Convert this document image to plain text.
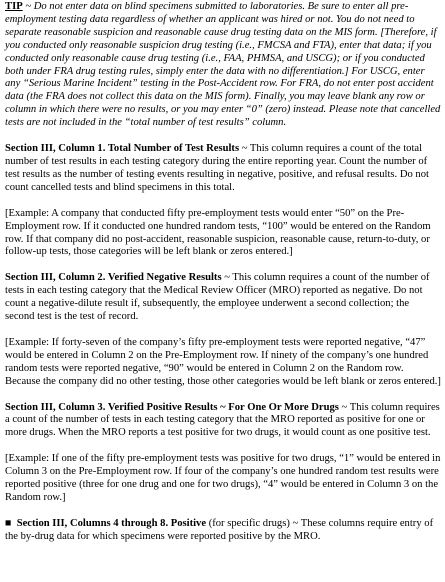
TIP ~ Do not enter data on blind specimens submitted to laboratories. Be sure to enter all pre-employment testing data regardless of whether an applicant was hired or not. You do not need to separate reasonable suspicion and reasonable cause drug testing data on the MIS form. [Therefore, if you conducted only reasonable suspicion drug testing (i.e., FMCSA and FTA), enter that data; if you conducted only reasonable cause drug testing (i.e., FAA, PHMSA, and USCG); or if you conducted both under FRA drug testing rules, simply enter the data with no differentiation.] For USCG, enter any “Serious Marine Incident” testing in the Post-Accident row. For FRA, do not enter post accident data (the FRA does not collect this data on the MIS form). Finally, you may leave blank any row or column in which there were no results, or you may enter “0” (zero) instead. Please note that cancelled tests are not included in the “total number of test results” column.

Section III, Column 1. Total Number of Test Results ~ This column requires a count of the total number of test results in each testing category during the entire reporting year. Count the number of test results as the number of testing events resulting in negative, positive, and refusal results. Do not count cancelled tests and blind specimens in this total.

[Example: A company that conducted fifty pre-employment tests would enter “50” on the Pre-Employment row. If it conducted one hundred random tests, “100” would be entered on the Random row. If that company did no post-accident, reasonable suspicion, reasonable cause, return-to-duty, or follow-up tests, those categories will be left blank or zeros entered.]

Section III, Column 2. Verified Negative Results ~ This column requires a count of the number of tests in each testing category that the Medical Review Officer (MRO) reported as negative. Do not count a negative-dilute result if, subsequently, the employee underwent a second collection; the second test is the test of record.

[Example: If forty-seven of the company’s fifty pre-employment tests were reported negative, “47” would be entered in Column 2 on the Pre-Employment row. If ninety of the company’s one hundred random tests were reported negative, “90” would be entered in Column 2 on the Random row. Because the company did no other testing, those other categories would be left blank or zeros entered.]

Section III, Column 3. Verified Positive Results ~ For One Or More Drugs ~ This column requires a count of the number of tests in each testing category that the MRO reported as positive for one or more drugs. When the MRO reports a test positive for two drugs, it would count as one positive test.

[Example: If one of the fifty pre-employment tests was positive for two drugs, “1” would be entered in Column 3 on the Pre-Employment row. If four of the company’s one hundred random test results were reported positive (three for one drug and one for two drugs), “4” would be entered in Column 3 on the Random row.]

■ Section III, Columns 4 through 8. Positive (for specific drugs) ~ These columns require entry of the by-drug data for which specimens were reported positive by the MRO.
